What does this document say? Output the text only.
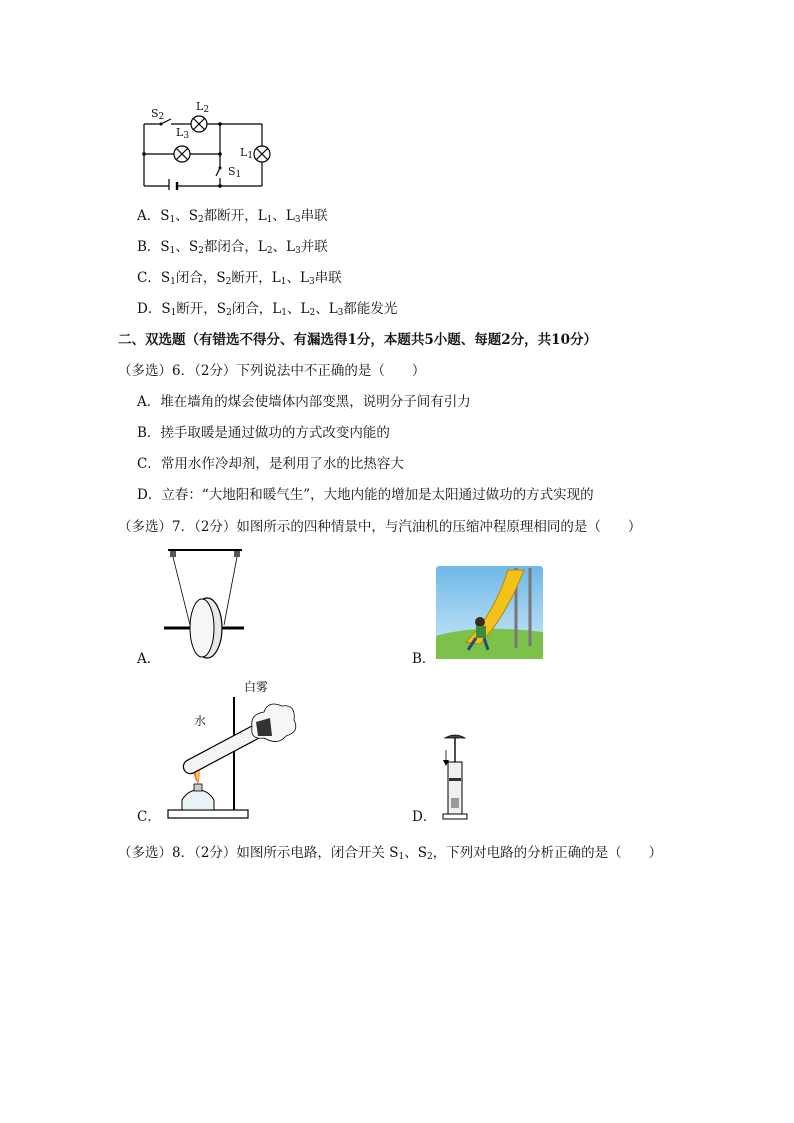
$S_2$
$L_2$
$L_3$
$L_1$
$S_1$
A．$S_1$、$S_2$都断开，$L_1$、$L_3$串联
B．$S_1$、$S_2$都闭合，$L_2$、$L_3$并联
C．$S_1$闭合，$S_2$断开，$L_1$、$L_3$串联
D．$S_1$断开，$S_2$闭合，$L_1$、$L_2$、$L_3$都能发光
二、双选题（有错选不得分、有漏选得1分，本题共5小题、每题2分，共10分）
（多选）6．（2分）下列说法中不正确的是（　　）
A．堆在墙角的煤会使墙体内部变黑，说明分子间有引力
B．搓手取暖是通过做功的方式改变内能的
C．常用水作冷却剂，是利用了水的比热容大
D．立春：“大地阳和暖气生”，大地内能的增加是太阳通过做功的方式实现的
（多选）7．（2分）如图所示的四种情景中，与汽油机的压缩冲程原理相同的是（　　）
A．	B．
白雾
水
C．	D．
（多选）8．（2分）如图所示电路，闭合开关 $S_1$、$S_2$，下列对电路的分析正确的是（　　）
